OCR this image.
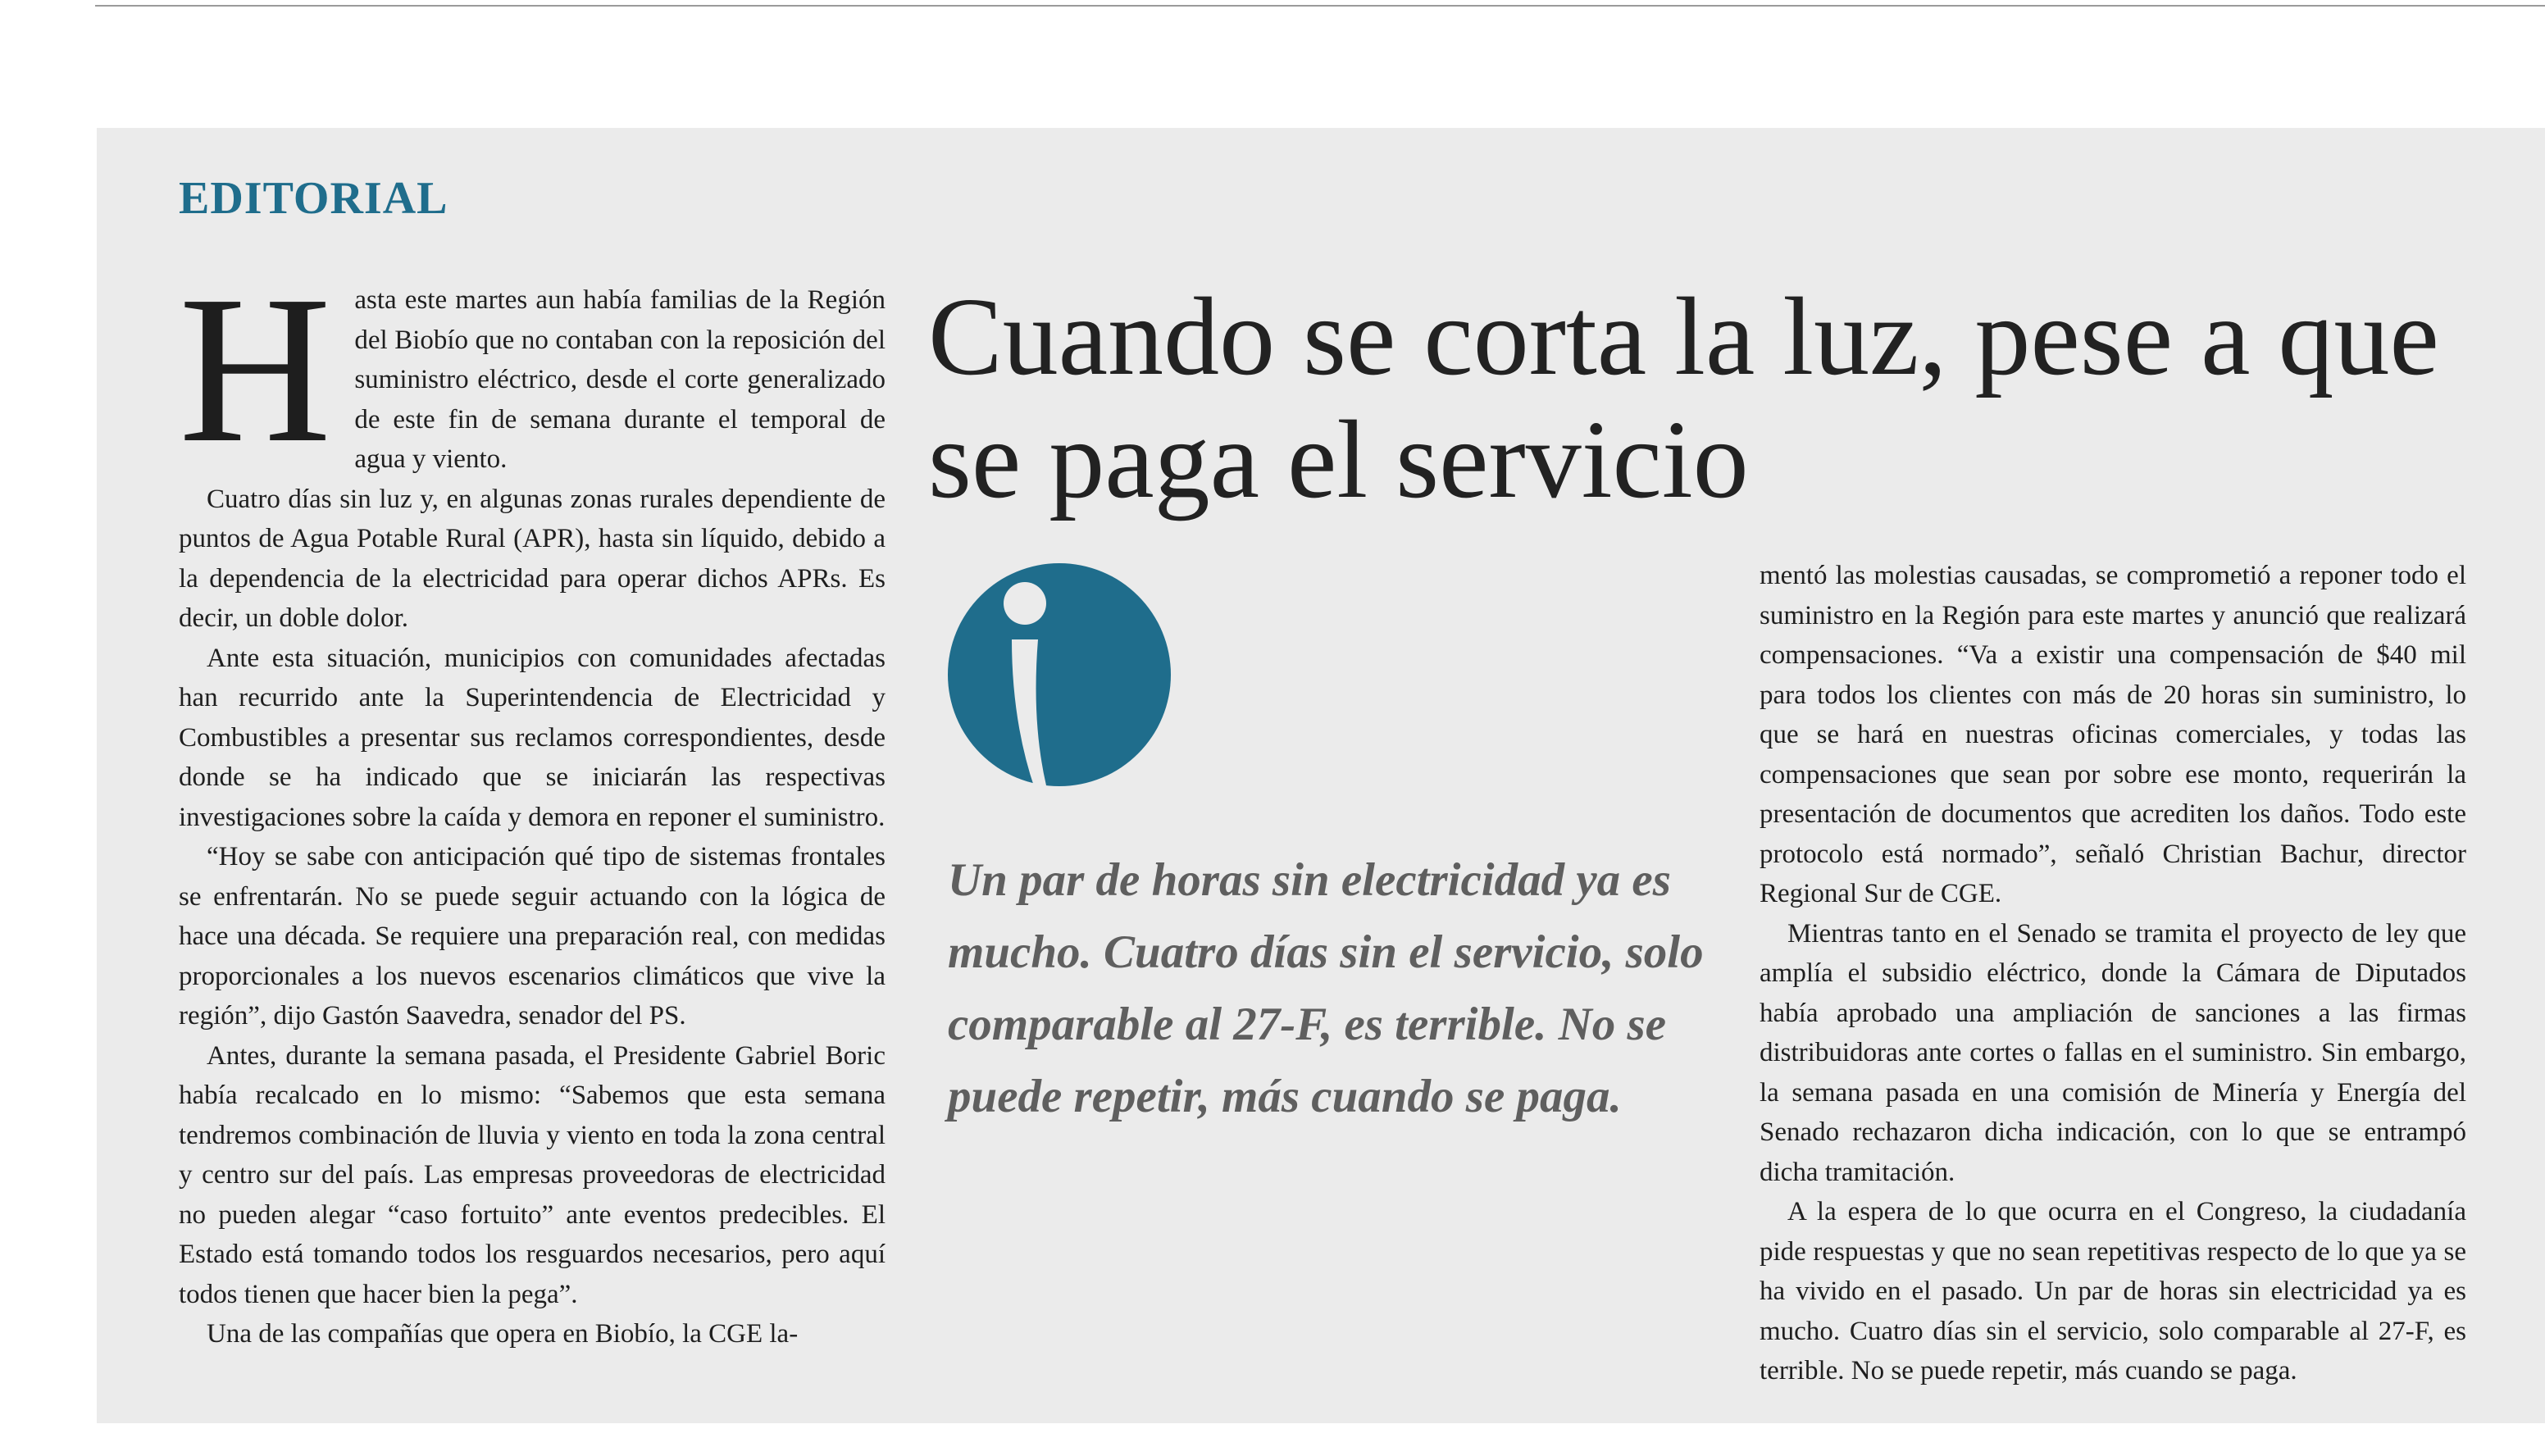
EDITORIAL

Hasta este martes aun había familias de la Región del Biobío que no contaban con la reposición del suministro eléctrico, desde el corte generalizado de este fin de semana durante el temporal de agua y viento.

Cuatro días sin luz y, en algunas zonas rurales dependiente de puntos de Agua Potable Rural (APR), hasta sin líquido, debido a la dependencia de la electricidad para operar dichos APRs. Es decir, un doble dolor.

Ante esta situación, municipios con comunidades afectadas han recurrido ante la Superintendencia de Electricidad y Combustibles a presentar sus reclamos correspondientes, desde donde se ha indicado que se iniciarán las respectivas investigaciones sobre la caída y demora en reponer el suministro.

“Hoy se sabe con anticipación qué tipo de sistemas frontales se enfrentarán. No se puede seguir actuando con la lógica de hace una década. Se requiere una preparación real, con medidas proporcionales a los nuevos escenarios climáticos que vive la región”, dijo Gastón Saavedra, senador del PS.

Antes, durante la semana pasada, el Presidente Gabriel Boric había recalcado en lo mismo: “Sabemos que esta semana tendremos combinación de lluvia y viento en toda la zona central y centro sur del país. Las empresas proveedoras de electricidad no pueden alegar “caso fortuito” ante eventos predecibles. El Estado está tomando todos los resguardos necesarios, pero aquí todos tienen que hacer bien la pega”.

Una de las compañías que opera en Biobío, la CGE la-

Cuando se corta la luz, pese a que se paga el servicio
Un par de horas sin electricidad ya es mucho. Cuatro días sin el servicio, solo comparable al 27-F, es terrible. No se puede repetir, más cuando se paga.

mentó las molestias causadas, se comprometió a reponer todo el suministro en la Región para este martes y anunció que realizará compensaciones. “Va a existir una compensación de $40 mil para todos los clientes con más de 20 horas sin suministro, lo que se hará en nuestras oficinas comerciales, y todas las compensaciones que sean por sobre ese monto, requerirán la presentación de documentos que acrediten los daños. Todo este protocolo está normado”, señaló Christian Bachur, director Regional Sur de CGE.

Mientras tanto en el Senado se tramita el proyecto de ley que amplía el subsidio eléctrico, donde la Cámara de Diputados había aprobado una ampliación de sanciones a las firmas distribuidoras ante cortes o fallas en el suministro. Sin embargo, la semana pasada en una comisión de Minería y Energía del Senado rechazaron dicha indicación, con lo que se entrampó dicha tramitación.

A la espera de lo que ocurra en el Congreso, la ciudadanía pide respuestas y que no sean repetitivas respecto de lo que ya se ha vivido en el pasado. Un par de horas sin electricidad ya es mucho. Cuatro días sin el servicio, solo comparable al 27-F, es terrible. No se puede repetir, más cuando se paga.
